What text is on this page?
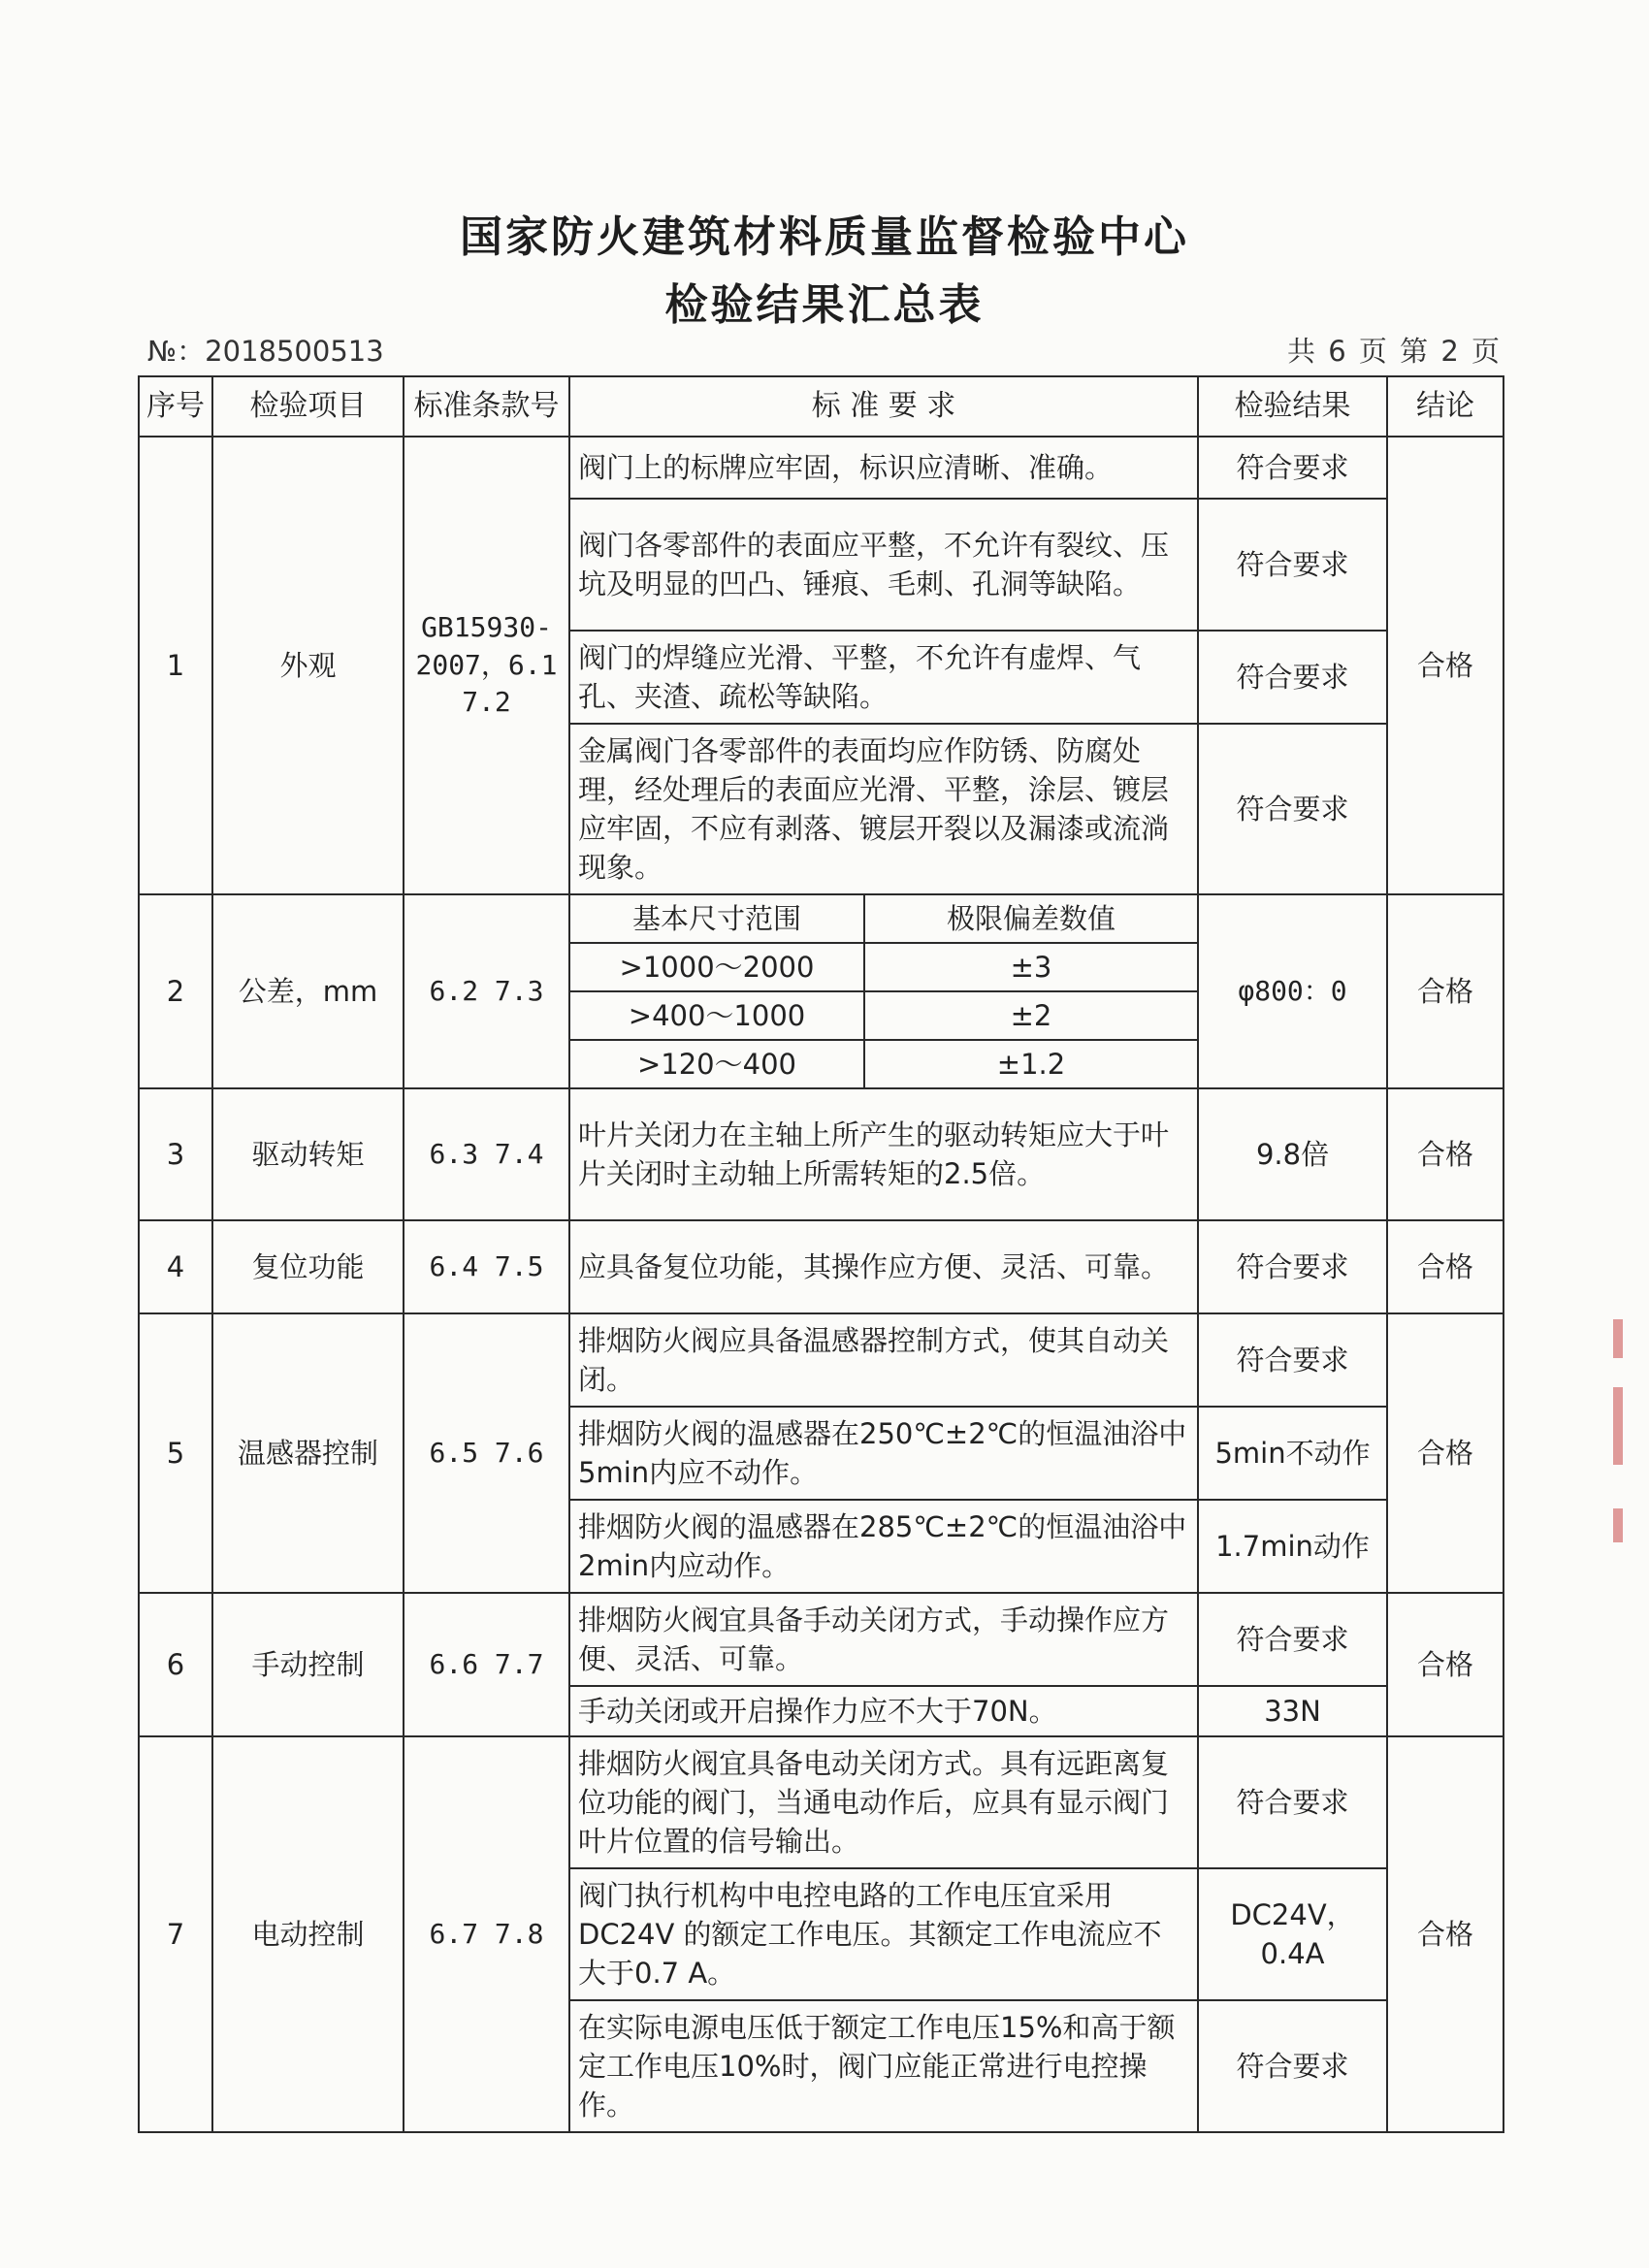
国家防火建筑材料质量监督检验中心
检验结果汇总表
№：2018500513	共 6 页 第 2 页
序号	检验项目	标准条款号	标 准 要 求		检验结果	结论
1	外观	GB15930-2007，6.1 7.2	阀门上的标牌应牢固，标识应清晰、准确。		符合要求	合格
			阀门各零部件的表面应平整，不允许有裂纹、压坑及明显的凹凸、锤痕、毛刺、孔洞等缺陷。		符合要求	
			阀门的焊缝应光滑、平整，不允许有虚焊、气孔、夹渣、疏松等缺陷。		符合要求	
			金属阀门各零部件的表面均应作防锈、防腐处理，经处理后的表面应光滑、平整，涂层、镀层应牢固，不应有剥落、镀层开裂以及漏漆或流淌现象。		符合要求	
2	公差，mm	6.2 7.3	基本尺寸范围	极限偏差数值	φ800：0	合格
			>1000～2000	±3		
			>400～1000	±2		
			>120～400	±1.2		
3	驱动转矩	6.3 7.4	叶片关闭力在主轴上所产生的驱动转矩应大于叶片关闭时主动轴上所需转矩的2.5倍。		9.8倍	合格
4	复位功能	6.4 7.5	应具备复位功能，其操作应方便、灵活、可靠。		符合要求	合格
5	温感器控制	6.5 7.6	排烟防火阀应具备温感器控制方式，使其自动关闭。		符合要求	合格
			排烟防火阀的温感器在250℃±2℃的恒温油浴中5min内应不动作。		5min不动作	
			排烟防火阀的温感器在285℃±2℃的恒温油浴中2min内应动作。		1.7min动作	
6	手动控制	6.6 7.7	排烟防火阀宜具备手动关闭方式，手动操作应方便、灵活、可靠。		符合要求	合格
			手动关闭或开启操作力应不大于70N。		33N	
7	电动控制	6.7 7.8	排烟防火阀宜具备电动关闭方式。具有远距离复位功能的阀门，当通电动作后，应具有显示阀门叶片位置的信号输出。		符合要求	合格
			阀门执行机构中电控电路的工作电压宜采用 DC24V 的额定工作电压。其额定工作电流应不大于0.7 A。		DC24V，0.4A	
			在实际电源电压低于额定工作电压15%和高于额定工作电压10%时，阀门应能正常进行电控操作。		符合要求	
